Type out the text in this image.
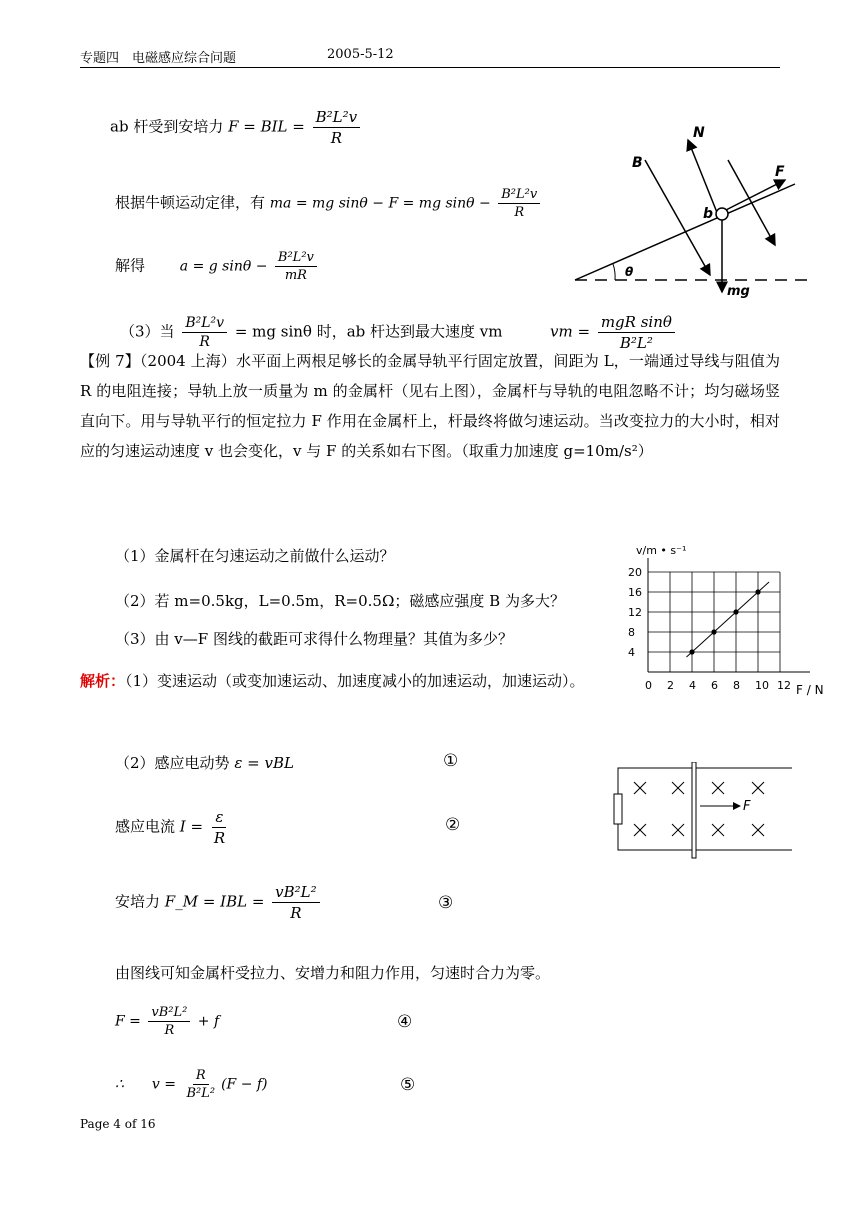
专题四　电磁感应综合问题	2005-5-12
ab 杆受到安培力 F = BIL = $\frac{\text{B²L²v}}{R}$
根据牛顿运动定律，有 ma = mg sinθ − F = mg $\sin\theta - \frac{\text{B²L²v}}{R}$
解得 a = g $\sin\theta - \frac{\text{B²L²v}}{mR}$
（3）当 $\frac{\text{B²L²v}}{R}$ = mg sinθ 时，ab 杆达到最大速度 vm	vm = $\frac{\text{mgR sinθ}}{\text{B²L²}}$
B
N
F
b
θ
mg
【例 7】（2004 上海）水平面上两根足够长的金属导轨平行固定放置，间距为 L，一端通过导线与阻值为 R 的电阻连接；导轨上放一质量为 m 的金属杆（见右上图），金属杆与导轨的电阻忽略不计；均匀磁场竖直向下。用与导轨平行的恒定拉力 F 作用在金属杆上，杆最终将做匀速运动。当改变拉力的大小时，相对应的匀速运动速度 v 也会变化，v 与 F 的关系如右下图。（取重力加速度 g=10m/s²）
（1）金属杆在匀速运动之前做什么运动？
（2）若 m=0.5kg，L=0.5m，R=0.5Ω；磁感应强度 B 为多大？
（3）由 v—F 图线的截距可求得什么物理量？其值为多少？
解析：（1）变速运动（或变加速运动、加速度减小的加速运动，加速运动）。	0 2 4 6 8 10 12
4
8
12
16
20
v/m • s⁻¹
F / N
（2）感应电动势 ε = vBL	①
感应电流 $I = \frac{\varepsilon}{R}$	②
安培力 F_M = IBL = $\frac{\text{vB²L²}}{R}$	③
F
由图线可知金属杆受拉力、安增力和阻力作用，匀速时合力为零。
$F = \frac{\text{vB²L²}}{R} + f$	④
∴　　$v = \frac{R}{\text{B²L²}} (F - f)$	⑤
Page 4 of 16
